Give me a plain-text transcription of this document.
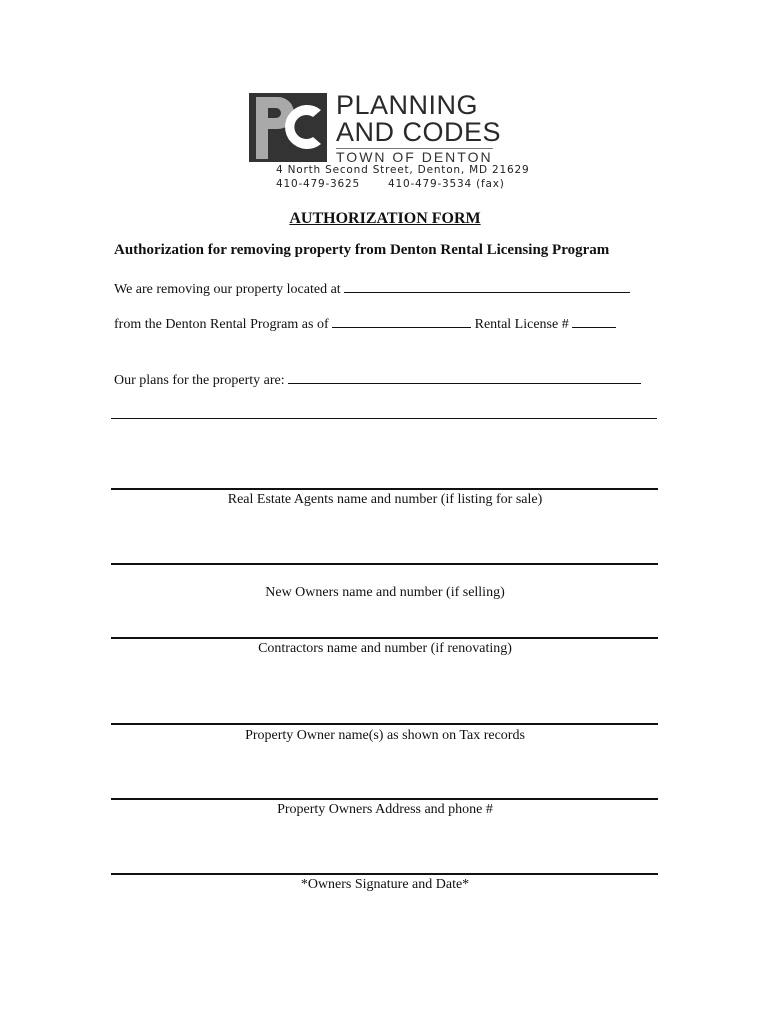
PLANNING
AND CODES
TOWN OF DENTON
4 North Second Street, Denton, MD 21629
410-479-3625	410-479-3534 (fax)
AUTHORIZATION FORM
Authorization for removing property from Denton Rental Licensing Program
We are removing our property located at
from the Denton Rental Program as of	Rental License #
Our plans for the property are:
Real Estate Agents name and number (if listing for sale)
New Owners name and number (if selling)
Contractors name and number (if renovating)
Property Owner name(s) as shown on Tax records
Property Owners Address and phone #
*Owners Signature and Date*
